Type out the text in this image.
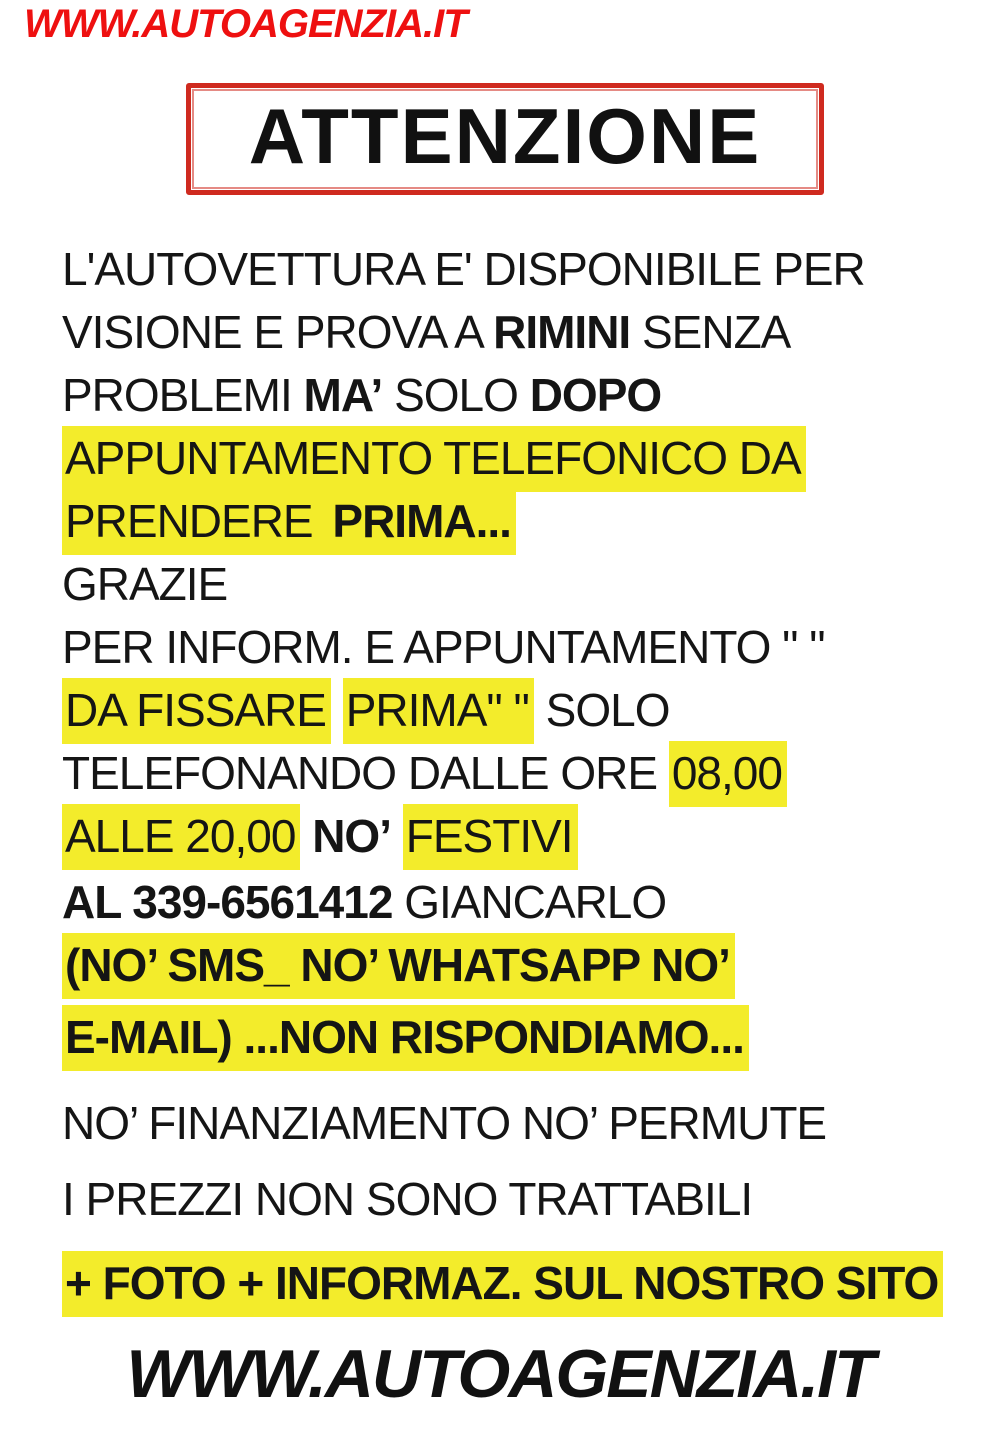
WWW.AUTOAGENZIA.IT
ATTENZIONE
L'AUTOVETTURA E' DISPONIBILE PER
VISIONE E PROVA A RIMINI SENZA
PROBLEMI MA’ SOLO DOPO
APPUNTAMENTO TELEFONICO DA
PRENDERE PRIMA...
GRAZIE
PER INFORM. E APPUNTAMENTO " "
DA FISSARE PRIMA" " SOLO
TELEFONANDO DALLE ORE 08,00
ALLE 20,00 NO’ FESTIVI
AL 339-6561412 GIANCARLO
(NO’ SMS_ NO’ WHATSAPP NO’
E-MAIL) ...NON RISPONDIAMO...
NO’ FINANZIAMENTO NO’ PERMUTE
I PREZZI NON SONO TRATTABILI
+ FOTO + INFORMAZ. SUL NOSTRO SITO
WWW.AUTOAGENZIA.IT
